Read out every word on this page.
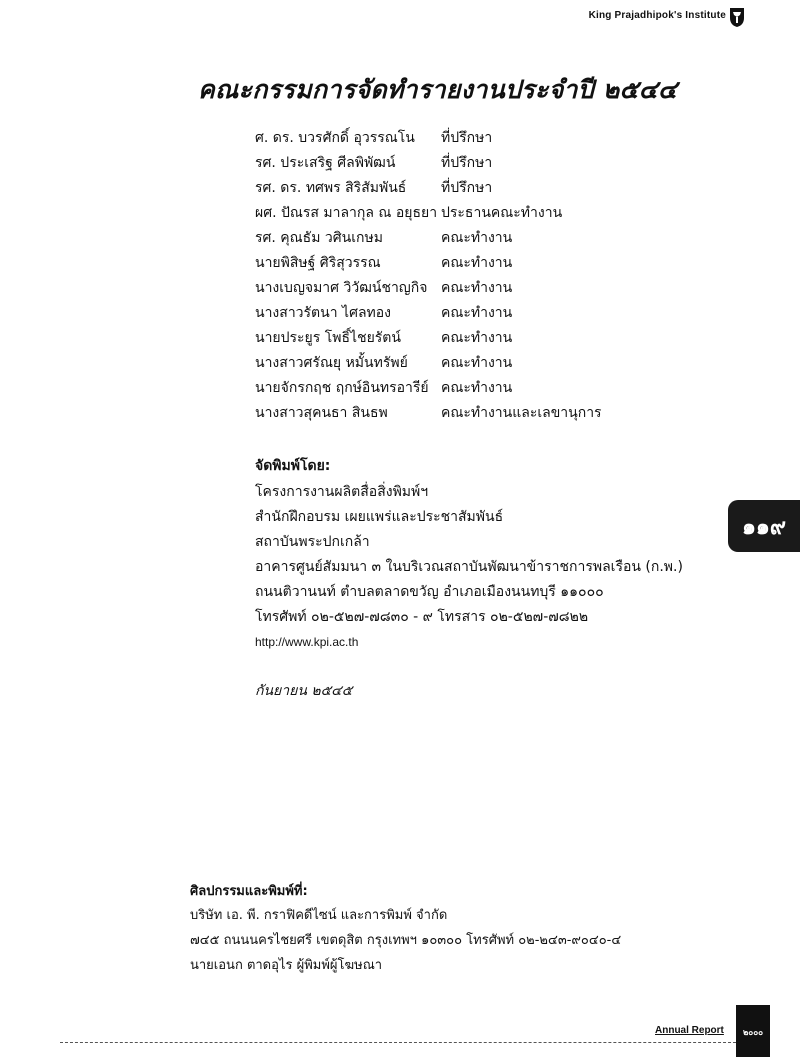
King Prajadhipok's Institute
คณะกรรมการจัดทำรายงานประจำปี ๒๕๔๔
ศ. ดร. บวรศักดิ์ อุวรรณโน	ที่ปรึกษา
รศ. ประเสริฐ ศีลพิพัฒน์	ที่ปรึกษา
รศ. ดร. ทศพร สิริสัมพันธ์	ที่ปรึกษา
ผศ. ปัณรส มาลากุล ณ อยุธยา ประธานคณะทำงาน
รศ. คุณธัม วศินเกษม	คณะทำงาน
นายพิสิษฐ์ ศิริสุวรรณ	คณะทำงาน
นางเบญจมาศ วิวัฒน์ชาญกิจ คณะทำงาน
นางสาวรัตนา ไศลทอง	คณะทำงาน
นายประยูร โพธิ์ไชยรัตน์	คณะทำงาน
นางสาวศรัณยุ หมั้นทรัพย์	คณะทำงาน
นายจักรกฤช ฤกษ์อินทรอารีย์ คณะทำงาน
นางสาวสุคนธา สินธพ	คณะทำงานและเลขานุการ
จัดพิมพ์โดย:
โครงการงานผลิตสื่อสิ่งพิมพ์ฯ
สำนักฝึกอบรม เผยแพร่และประชาสัมพันธ์
สถาบันพระปกเกล้า
อาคารศูนย์สัมมนา ๓ ในบริเวณสถาบันพัฒนาข้าราชการพลเรือน (ก.พ.)
ถนนติวานนท์ ตำบลตลาดขวัญ อำเภอเมืองนนทบุรี ๑๑๐๐๐
โทรศัพท์ ๐๒-๕๒๗-๗๘๓๐ - ๙ โทรสาร ๐๒-๕๒๗-๗๘๒๒
http://www.kpi.ac.th
กันยายน ๒๕๔๕
๑๑๙
ศิลปกรรมและพิมพ์ที่:
บริษัท เอ. พี. กราฟิคดีไซน์ และการพิมพ์ จำกัด
๗๔๕ ถนนนครไชยศรี เขตดุสิต กรุงเทพฯ ๑๐๓๐๐ โทรศัพท์ ๐๒-๒๔๓-๙๐๔๐-๔
นายเอนก ตาดอุไร ผู้พิมพ์ผู้โฆษณา
Annual Report	๒๐๐๐
